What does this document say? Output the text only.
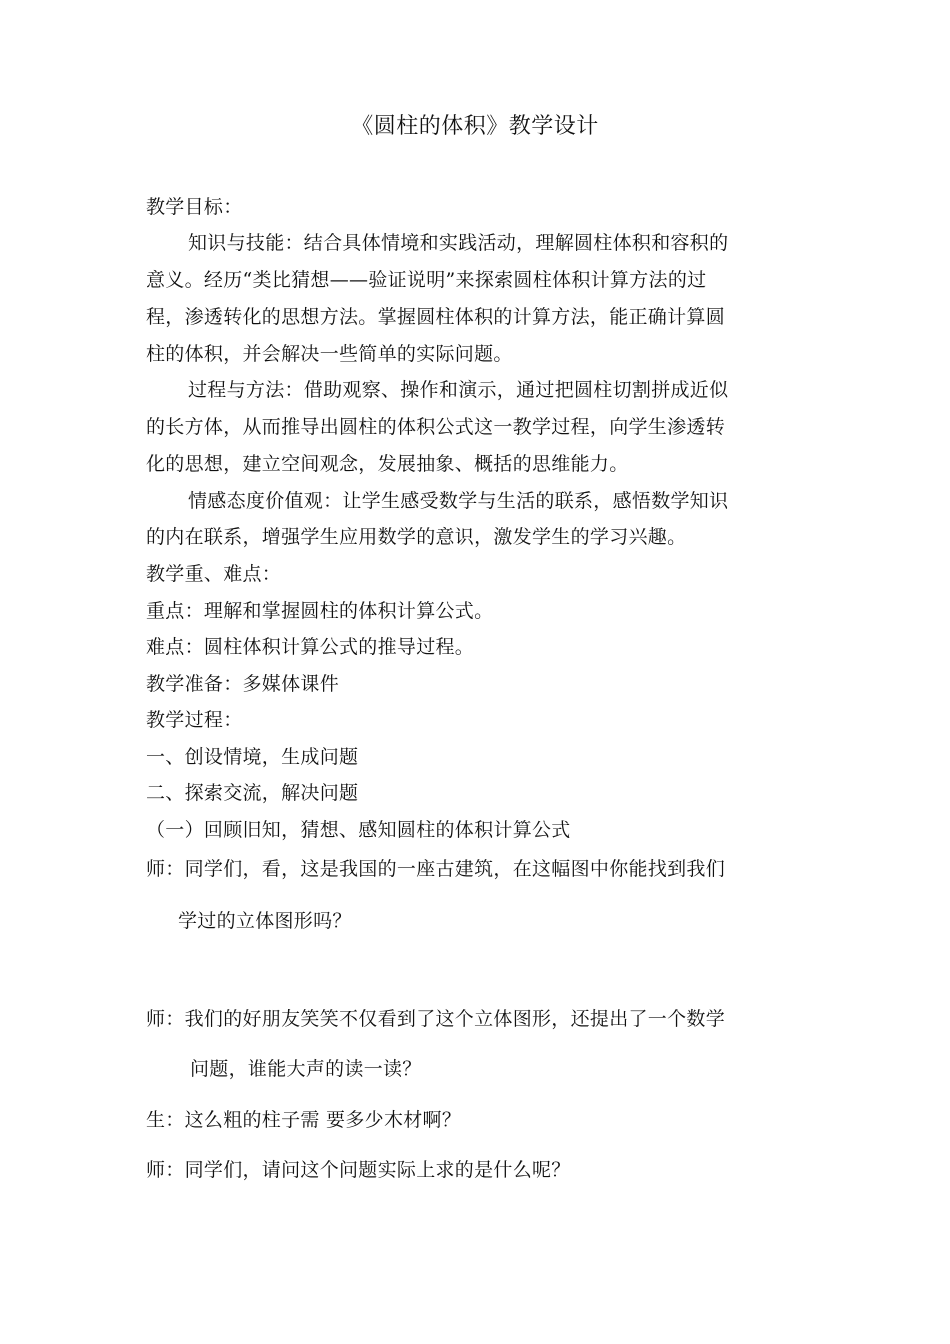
《圆柱的体积》教学设计
教学目标：
知识与技能：结合具体情境和实践活动，理解圆柱体积和容积的
意义。经历“类比猜想——验证说明”来探索圆柱体积计算方法的过
程，渗透转化的思想方法。掌握圆柱体积的计算方法，能正确计算圆
柱的体积，并会解决一些简单的实际问题。
过程与方法：借助观察、操作和演示，通过把圆柱切割拼成近似
的长方体，从而推导出圆柱的体积公式这一教学过程，向学生渗透转
化的思想，建立空间观念，发展抽象、概括的思维能力。
情感态度价值观：让学生感受数学与生活的联系，感悟数学知识
的内在联系，增强学生应用数学的意识，激发学生的学习兴趣。
教学重、难点：
重点：理解和掌握圆柱的体积计算公式。
难点：圆柱体积计算公式的推导过程。
教学准备：多媒体课件
教学过程：
一、创设情境，生成问题
二、探索交流，解决问题
（一）回顾旧知，猜想、感知圆柱的体积计算公式
师：同学们，看，这是我国的一座古建筑，在这幅图中你能找到我们
学过的立体图形吗？
师：我们的好朋友笑笑不仅看到了这个立体图形，还提出了一个数学
问题，谁能大声的读一读？
生：这么粗的柱子需 要多少木材啊？
师：同学们，请问这个问题实际上求的是什么呢？
